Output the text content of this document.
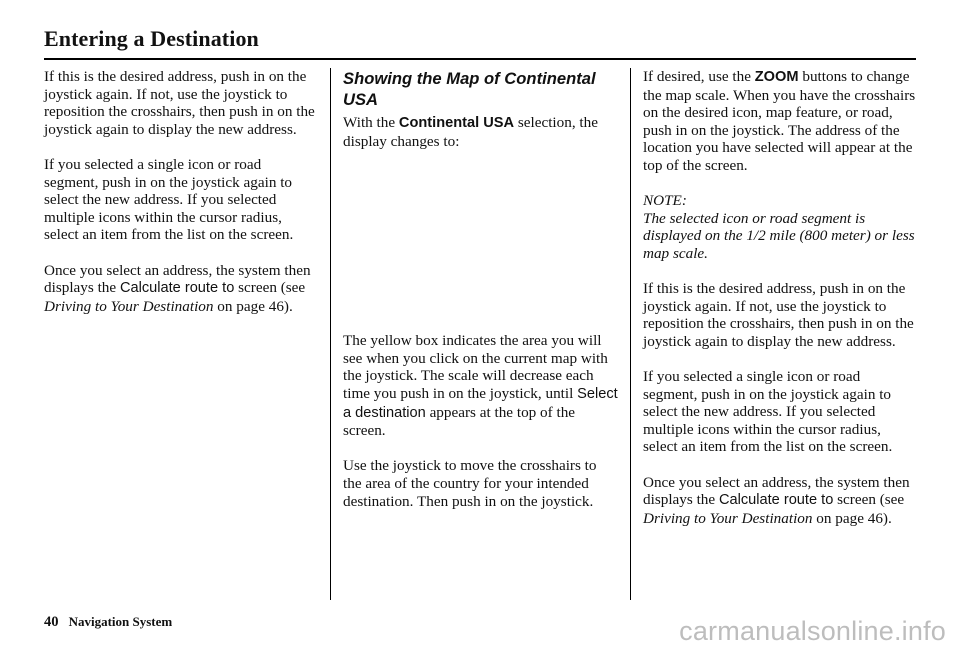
Entering a Destination

If this is the desired address, push in on the joystick again. If not, use the joystick to reposition the crosshairs, then push in on the joystick again to display the new address.

If you selected a single icon or road segment, push in on the joystick again to select the new address. If you selected multiple icons within the cursor radius, select an item from the list on the screen.

Once you select an address, the system then displays the Calculate route to screen (see Driving to Your Destination on page 46).

Showing the Map of Continental USA

With the Continental USA selection, the display changes to:

The yellow box indicates the area you will see when you click on the current map with the joystick. The scale will decrease each time you push in on the joystick, until Select a destination appears at the top of the screen.

Use the joystick to move the crosshairs to the area of the country for your intended destination. Then push in on the joystick.

If desired, use the ZOOM buttons to change the map scale. When you have the crosshairs on the desired icon, map feature, or road, push in on the joystick. The address of the location you have selected will appear at the top of the screen.

NOTE:

The selected icon or road segment is displayed on the 1/2 mile (800 meter) or less map scale.

If this is the desired address, push in on the joystick again. If not, use the joystick to reposition the crosshairs, then push in on the joystick again to display the new address.

If you selected a single icon or road segment, push in on the joystick again to select the new address. If you selected multiple icons within the cursor radius, select an item from the list on the screen.

Once you select an address, the system then displays the Calculate route to screen (see Driving to Your Destination on page 46).

40 Navigation System	carmanualsonline.info
